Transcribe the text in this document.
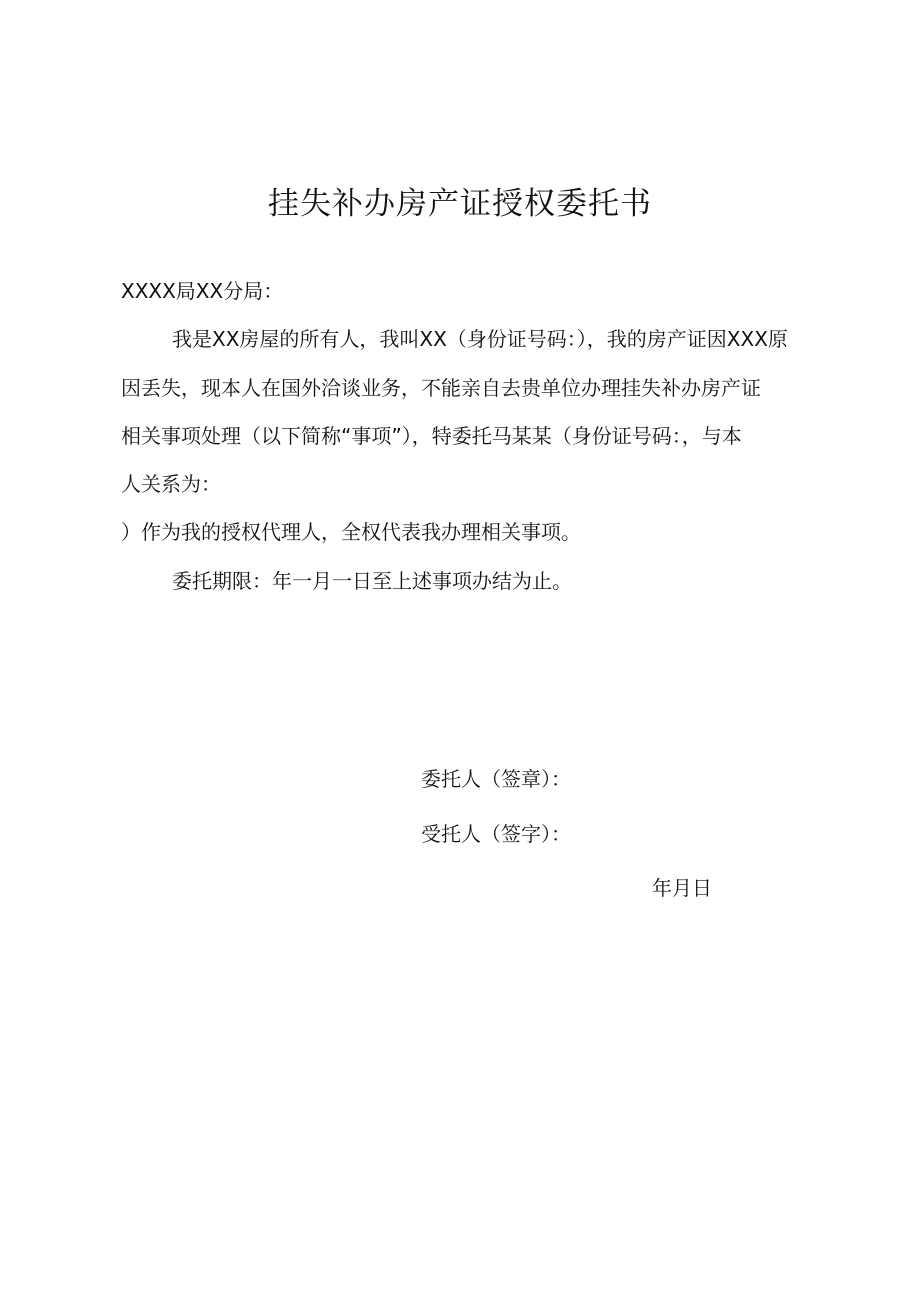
挂失补办房产证授权委托书
XXXX局XX分局：
我是XX房屋的所有人，我叫XX（身份证号码：），我的房产证因XXX原
因丢失，现本人在国外洽谈业务，不能亲自去贵单位办理挂失补办房产证
相关事项处理（以下简称“事项”），特委托马某某（身份证号码：，与本
人关系为：
）作为我的授权代理人，全权代表我办理相关事项。
委托期限：年一月一日至上述事项办结为止。
委托人（签章）：
受托人（签字）：
年月日
